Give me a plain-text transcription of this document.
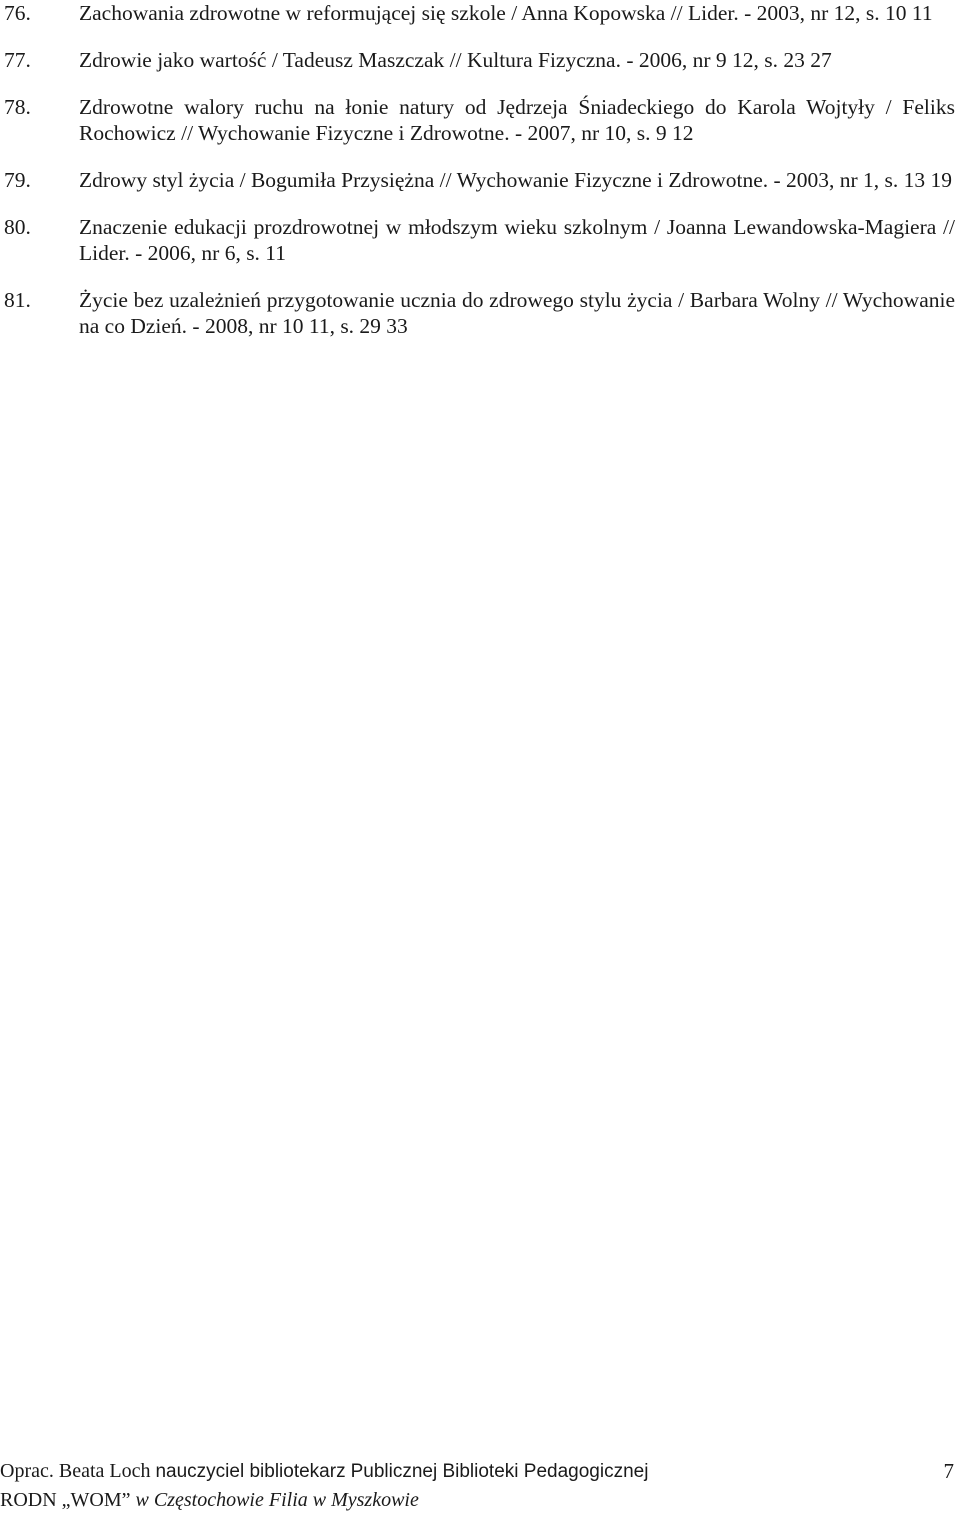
76. Zachowania zdrowotne w reformującej się szkole / Anna Kopowska // Lider. - 2003, nr 12, s. 10 11
77. Zdrowie jako wartość / Tadeusz Maszczak // Kultura Fizyczna. - 2006, nr 9 12, s. 23 27
78. Zdrowotne walory ruchu na łonie natury od Jędrzeja Śniadeckiego do Karola Wojtyły / Feliks Rochowicz // Wychowanie Fizyczne i Zdrowotne. - 2007, nr 10, s. 9 12
79. Zdrowy styl życia / Bogumiła Przysiężna // Wychowanie Fizyczne i Zdrowotne. - 2003, nr 1, s. 13 19
80. Znaczenie edukacji prozdrowotnej w młodszym wieku szkolnym / Joanna Lewandowska-Magiera // Lider. - 2006, nr 6, s. 11
81. Życie bez uzależnień przygotowanie ucznia do zdrowego stylu życia / Barbara Wolny // Wychowanie na co Dzień. - 2008, nr 10 11, s. 29 33
Oprac. Beata Loch nauczyciel bibliotekarz Publicznej Biblioteki Pedagogicznej	7
RODN „WOM” w Częstochowie Filia w Myszkowie
